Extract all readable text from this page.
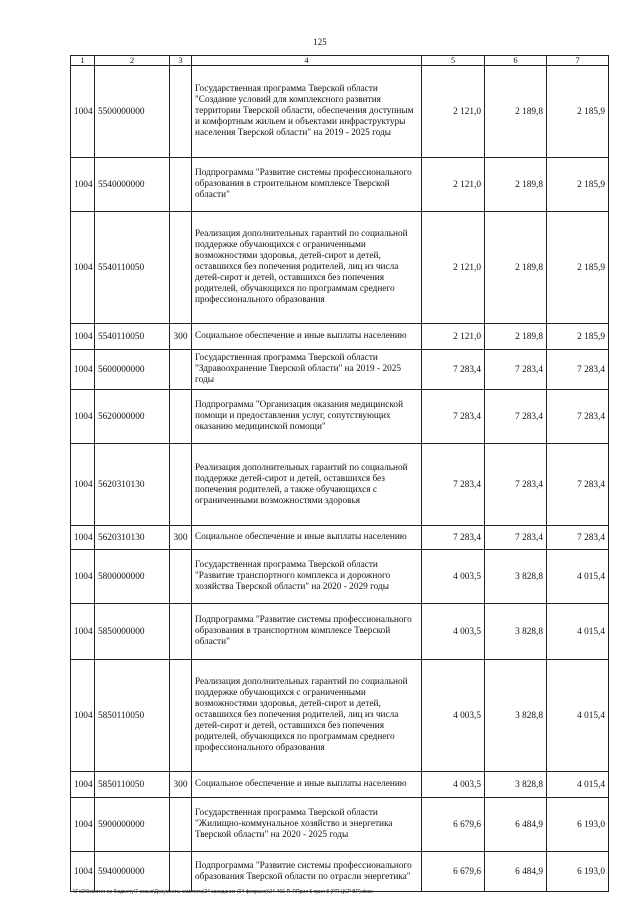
125
1	2	3	4	5	6	7
1004	5500000000		Государственная программа Тверской области "Создание условий для комплексного развития территории Тверской области, обеспечения доступным и комфортным жильем и объектами инфраструктуры населения Тверской области" на 2019 - 2025 годы	2 121,0	2 189,8	2 185,9
1004	5540000000		Подпрограмма "Развитие системы профессионального образования в строительном комплексе Тверской области"	2 121,0	2 189,8	2 185,9
1004	5540110050		Реализация дополнительных гарантий по социальной поддержке обучающихся с ограниченными возможностями здоровья, детей-сирот и детей, оставшихся без попечения родителей, лиц из числа детей-сирот и детей, оставшихся без попечения родителей, обучающихся по программам среднего профессионального образования	2 121,0	2 189,8	2 185,9
1004	5540110050	300	Социальное обеспечение и иные выплаты населению	2 121,0	2 189,8	2 185,9
1004	5600000000		Государственная программа Тверской области "Здравоохранение Тверской области" на 2019 - 2025 годы	7 283,4	7 283,4	7 283,4
1004	5620000000		Подпрограмма "Организация оказания медицинской помощи и предоставления услуг, сопутствующих оказанию медицинской помощи"	7 283,4	7 283,4	7 283,4
1004	5620310130		Реализация дополнительных гарантий по социальной поддержке детей-сирот и детей, оставшихся без попечения родителей, а также обучающихся с ограниченными возможностями здоровья	7 283,4	7 283,4	7 283,4
1004	5620310130	300	Социальное обеспечение и иные выплаты населению	7 283,4	7 283,4	7 283,4
1004	5800000000		Государственная программа Тверской области "Развитие транспортного комплекса и дорожного хозяйства Тверской области" на 2020 - 2029 годы	4 003,5	3 828,8	4 015,4
1004	5850000000		Подпрограмма "Развитие системы профессионального образования в транспортном комплексе Тверской области"	4 003,5	3 828,8	4 015,4
1004	5850110050		Реализация дополнительных гарантий по социальной поддержке обучающихся с ограниченными возможностями здоровья, детей-сирот и детей, оставшихся без попечения родителей, лиц из числа детей-сирот и детей, оставшихся без попечения родителей, обучающихся по программам среднего профессионального образования	4 003,5	3 828,8	4 015,4
1004	5850110050	300	Социальное обеспечение и иные выплаты населению	4 003,5	3 828,8	4 015,4
1004	5900000000		Государственная программа Тверской области "Жилищно-коммунальное хозяйство и энергетика Тверской области" на 2020 - 2025 годы	6 679,6	6 484,9	6 193,0
1004	5940000000		Подпрограмма "Развитие системы профессионального образования Тверской области по отрасли энергетика"	6 679,6	6 484,9	6 193,0
\\FsD\Комитет по бюджету\7 созыв\Документы комитета\24 заседание (04 февраля)\24-466-П-7\Прил 5 прил 8 (РП ЦСР ВР).docx
